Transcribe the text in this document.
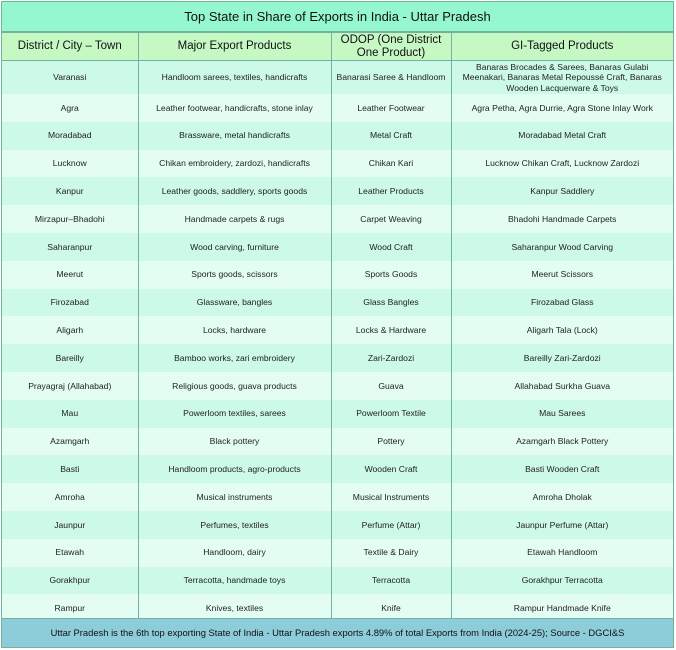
Top State in Share of Exports in India - Uttar Pradesh
District / City – Town	Major Export Products	ODOP (One District One Product)	GI-Tagged Products
Varanasi	Handloom sarees, textiles, handicrafts	Banarasi Saree & Handloom	Banaras Brocades & Sarees, Banaras Gulabi Meenakari, Banaras Metal Repoussé Craft, Banaras Wooden Lacquerware & Toys
Agra	Leather footwear, handicrafts, stone inlay	Leather Footwear	Agra Petha, Agra Durrie, Agra Stone Inlay Work
Moradabad	Brassware, metal handicrafts	Metal Craft	Moradabad Metal Craft
Lucknow	Chikan embroidery, zardozi, handicrafts	Chikan Kari	Lucknow Chikan Craft, Lucknow Zardozi
Kanpur	Leather goods, saddlery, sports goods	Leather Products	Kanpur Saddlery
Mirzapur–Bhadohi	Handmade carpets & rugs	Carpet Weaving	Bhadohi Handmade Carpets
Saharanpur	Wood carving, furniture	Wood Craft	Saharanpur Wood Carving
Meerut	Sports goods, scissors	Sports Goods	Meerut Scissors
Firozabad	Glassware, bangles	Glass Bangles	Firozabad Glass
Aligarh	Locks, hardware	Locks & Hardware	Aligarh Tala (Lock)
Bareilly	Bamboo works, zari embroidery	Zari-Zardozi	Bareilly Zari-Zardozi
Prayagraj (Allahabad)	Religious goods, guava products	Guava	Allahabad Surkha Guava
Mau	Powerloom textiles, sarees	Powerloom Textile	Mau Sarees
Azamgarh	Black pottery	Pottery	Azamgarh Black Pottery
Basti	Handloom products, agro-products	Wooden Craft	Basti Wooden Craft
Amroha	Musical instruments	Musical Instruments	Amroha Dholak
Jaunpur	Perfumes, textiles	Perfume (Attar)	Jaunpur Perfume (Attar)
Etawah	Handloom, dairy	Textile & Dairy	Etawah Handloom
Gorakhpur	Terracotta, handmade toys	Terracotta	Gorakhpur Terracotta
Rampur	Knives, textiles	Knife	Rampur Handmade Knife
Uttar Pradesh is the 6th top exporting State of India - Uttar Pradesh exports 4.89% of total Exports from India (2024-25); Source - DGCI&S
